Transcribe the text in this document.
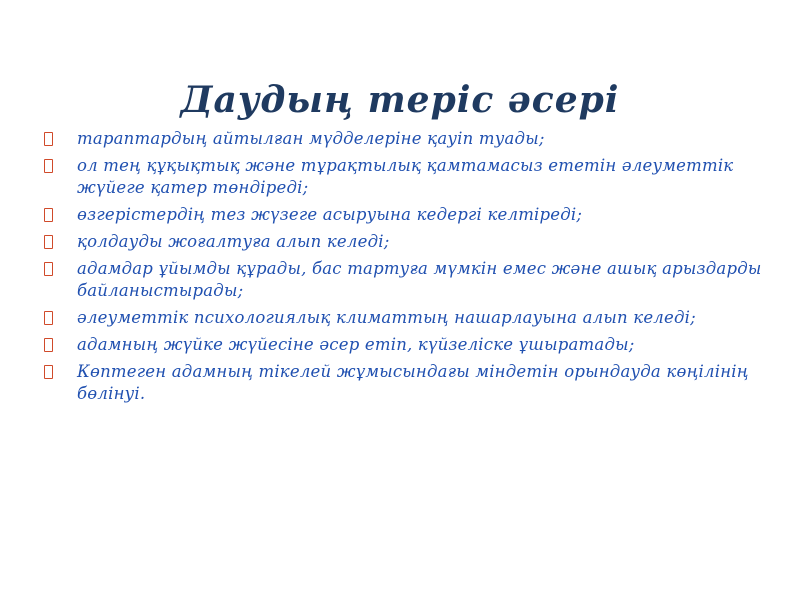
Даудың теріс әсері
тараптардың айтылған мүдделеріне қауіп туады;
ол тең құқықтық және тұрақтылық қамтамасыз ететін әлеуметтік жүйеге қатер төндіреді;
өзгерістердің тез жүзеге асыруына кедергі келтіреді;
қолдауды жоғалтуға алып келеді;
адамдар ұйымды құрады, бас тартуға мүмкін емес және ашық арыздарды байланыстырады;
әлеуметтік психологиялық климаттың нашарлауына алып келеді;
адамның жүйке жүйесіне әсер етіп, күйзеліске ұшыратады;
Көптеген адамның тікелей жұмысындағы міндетін орындауда көңілінің бөлінуі.
